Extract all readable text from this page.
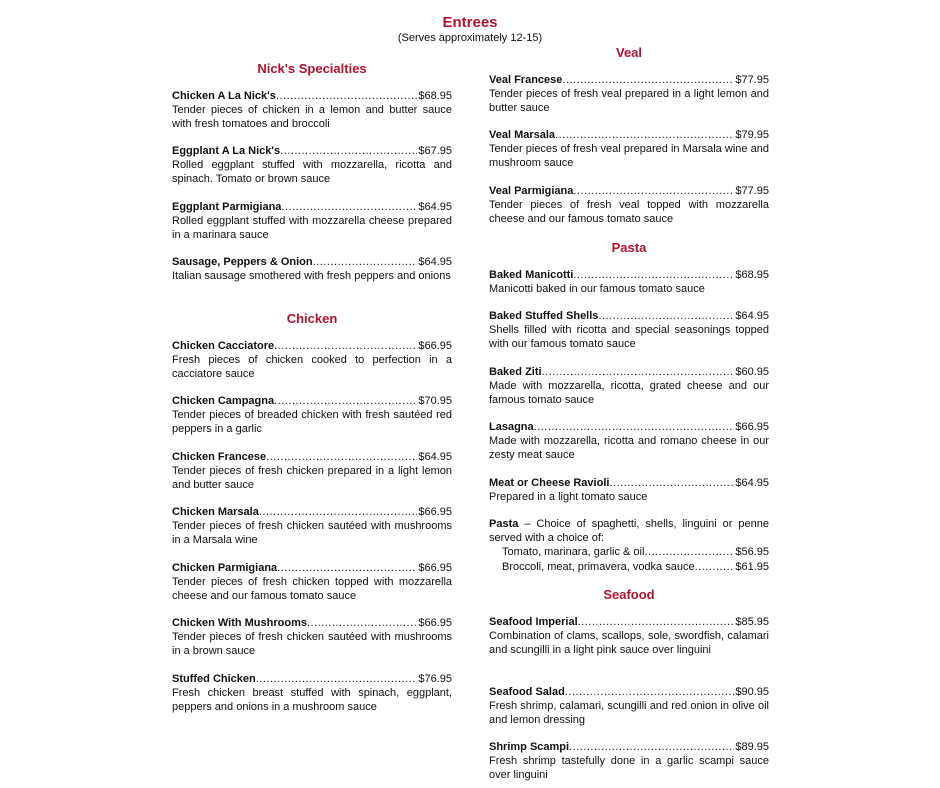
Entrees
(Serves approximately 12-15)
Nick's Specialties
Chicken A La Nick's .....	$68.95
Tender pieces of chicken in a lemon and butter sauce with fresh tomatoes and broccoli
Eggplant A La Nick's .....	$67.95
Rolled eggplant stuffed with mozzarella, ricotta and spinach. Tomato or brown sauce
Eggplant Parmigiana .....	$64.95
Rolled eggplant stuffed with mozzarella cheese prepared in a marinara sauce
Sausage, Peppers & Onion .....	$64.95
Italian sausage smothered with fresh peppers and onions
Chicken
Chicken Cacciatore .....	$66.95
Fresh pieces of chicken cooked to perfection in a cacciatore sauce
Chicken Campagna .....	$70.95
Tender pieces of breaded chicken with fresh sautéed red peppers in a garlic
Chicken Francese .....	$64.95
Tender pieces of fresh chicken prepared in a light lemon and butter sauce
Chicken Marsala .....	$66.95
Tender pieces of fresh chicken sautéed with mushrooms in a Marsala wine
Chicken Parmigiana .....	$66.95
Tender pieces of fresh chicken topped with mozzarella cheese and our famous tomato sauce
Chicken With Mushrooms .....	$66.95
Tender pieces of fresh chicken sautéed with mushrooms in a brown sauce
Stuffed Chicken .....	$76.95
Fresh chicken breast stuffed with spinach, eggplant, peppers and onions in a mushroom sauce
Veal
Veal Francese .....	$77.95
Tender pieces of fresh veal prepared in a light lemon and butter sauce
Veal Marsala .....	$79.95
Tender pieces of fresh veal prepared in Marsala wine and mushroom sauce
Veal Parmigiana .....	$77.95
Tender pieces of fresh veal topped with mozzarella cheese and our famous tomato sauce
Pasta
Baked Manicotti .....	$68.95
Manicotti baked in our famous tomato sauce
Baked Stuffed Shells .....	$64.95
Shells filled with ricotta and special seasonings topped with our famous tomato sauce
Baked Ziti .....	$60.95
Made with mozzarella, ricotta, grated cheese and our famous tomato sauce
Lasagna .....	$66.95
Made with mozzarella, ricotta and romano cheese in our zesty meat sauce
Meat or Cheese Ravioli .....	$64.95
Prepared in a light tomato sauce
Pasta – Choice of spaghetti, shells, linguini or penne served with a choice of:
Tomato, marinara, garlic & oil .....	$56.95
Broccoli, meat, primavera, vodka sauce .....	$61.95
Seafood
Seafood Imperial .....	$85.95
Combination of clams, scallops, sole, swordfish, calamari and scungilli in a light pink sauce over linguini
Seafood Salad .....	$90.95
Fresh shrimp, calamari, scungilli and red onion in olive oil and lemon dressing
Shrimp Scampi .....	$89.95
Fresh shrimp tastefully done in a garlic scampi sauce over linguini
